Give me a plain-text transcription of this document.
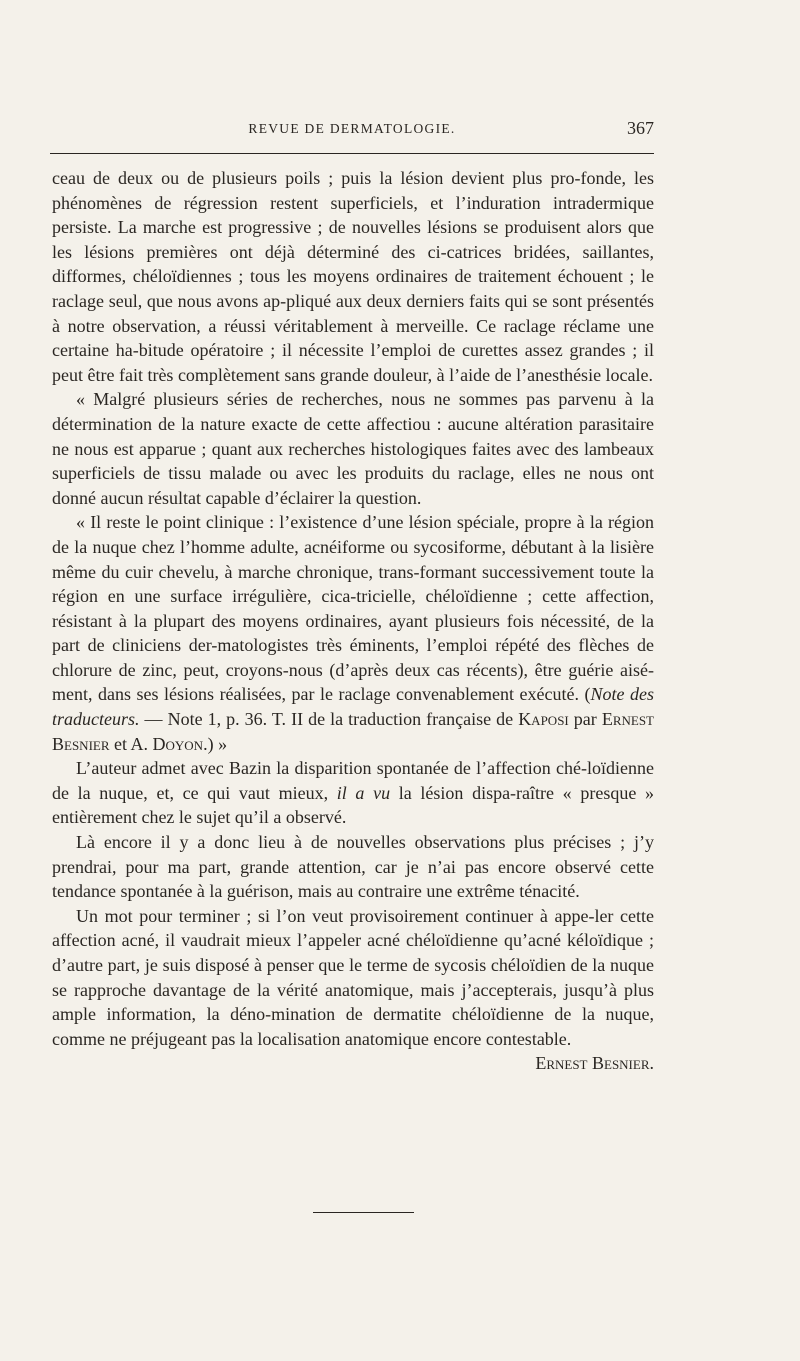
REVUE DE DERMATOLOGIE.	367

ceau de deux ou de plusieurs poils ; puis la lésion devient plus pro-fonde, les phénomènes de régression restent superficiels, et l’induration intradermique persiste. La marche est progressive ; de nouvelles lésions se produisent alors que les lésions premières ont déjà déterminé des ci-catrices bridées, saillantes, difformes, chéloïdiennes ; tous les moyens ordinaires de traitement échouent ; le raclage seul, que nous avons ap-pliqué aux deux derniers faits qui se sont présentés à notre observation, a réussi véritablement à merveille. Ce raclage réclame une certaine ha-bitude opératoire ; il nécessite l’emploi de curettes assez grandes ; il peut être fait très complètement sans grande douleur, à l’aide de l’anesthésie locale.

« Malgré plusieurs séries de recherches, nous ne sommes pas parvenu à la détermination de la nature exacte de cette affectiou : aucune altération parasitaire ne nous est apparue ; quant aux recherches histologiques faites avec des lambeaux superficiels de tissu malade ou avec les produits du raclage, elles ne nous ont donné aucun résultat capable d’éclairer la question.

« Il reste le point clinique : l’existence d’une lésion spéciale, propre à la région de la nuque chez l’homme adulte, acnéiforme ou sycosiforme, débutant à la lisière même du cuir chevelu, à marche chronique, trans-formant successivement toute la région en une surface irrégulière, cica-tricielle, chéloïdienne ; cette affection, résistant à la plupart des moyens ordinaires, ayant plusieurs fois nécessité, de la part de cliniciens der-matologistes très éminents, l’emploi répété des flèches de chlorure de zinc, peut, croyons-nous (d’après deux cas récents), être guérie aisé-ment, dans ses lésions réalisées, par le raclage convenablement exécuté. (Note des traducteurs. — Note 1, p. 36. T. II de la traduction française de Kaposi par Ernest Besnier et A. Doyon.) »

L’auteur admet avec Bazin la disparition spontanée de l’affection ché-loïdienne de la nuque, et, ce qui vaut mieux, il a vu la lésion dispa-raître « presque » entièrement chez le sujet qu’il a observé.

Là encore il y a donc lieu à de nouvelles observations plus précises ; j’y prendrai, pour ma part, grande attention, car je n’ai pas encore observé cette tendance spontanée à la guérison, mais au contraire une extrême ténacité.

Un mot pour terminer ; si l’on veut provisoirement continuer à appe-ler cette affection acné, il vaudrait mieux l’appeler acné chéloïdienne qu’acné kéloïdique ; d’autre part, je suis disposé à penser que le terme de sycosis chéloïdien de la nuque se rapproche davantage de la vérité anatomique, mais j’accepterais, jusqu’à plus ample information, la déno-mination de dermatite chéloïdienne de la nuque, comme ne préjugeant pas la localisation anatomique encore contestable.
Ernest Besnier.
